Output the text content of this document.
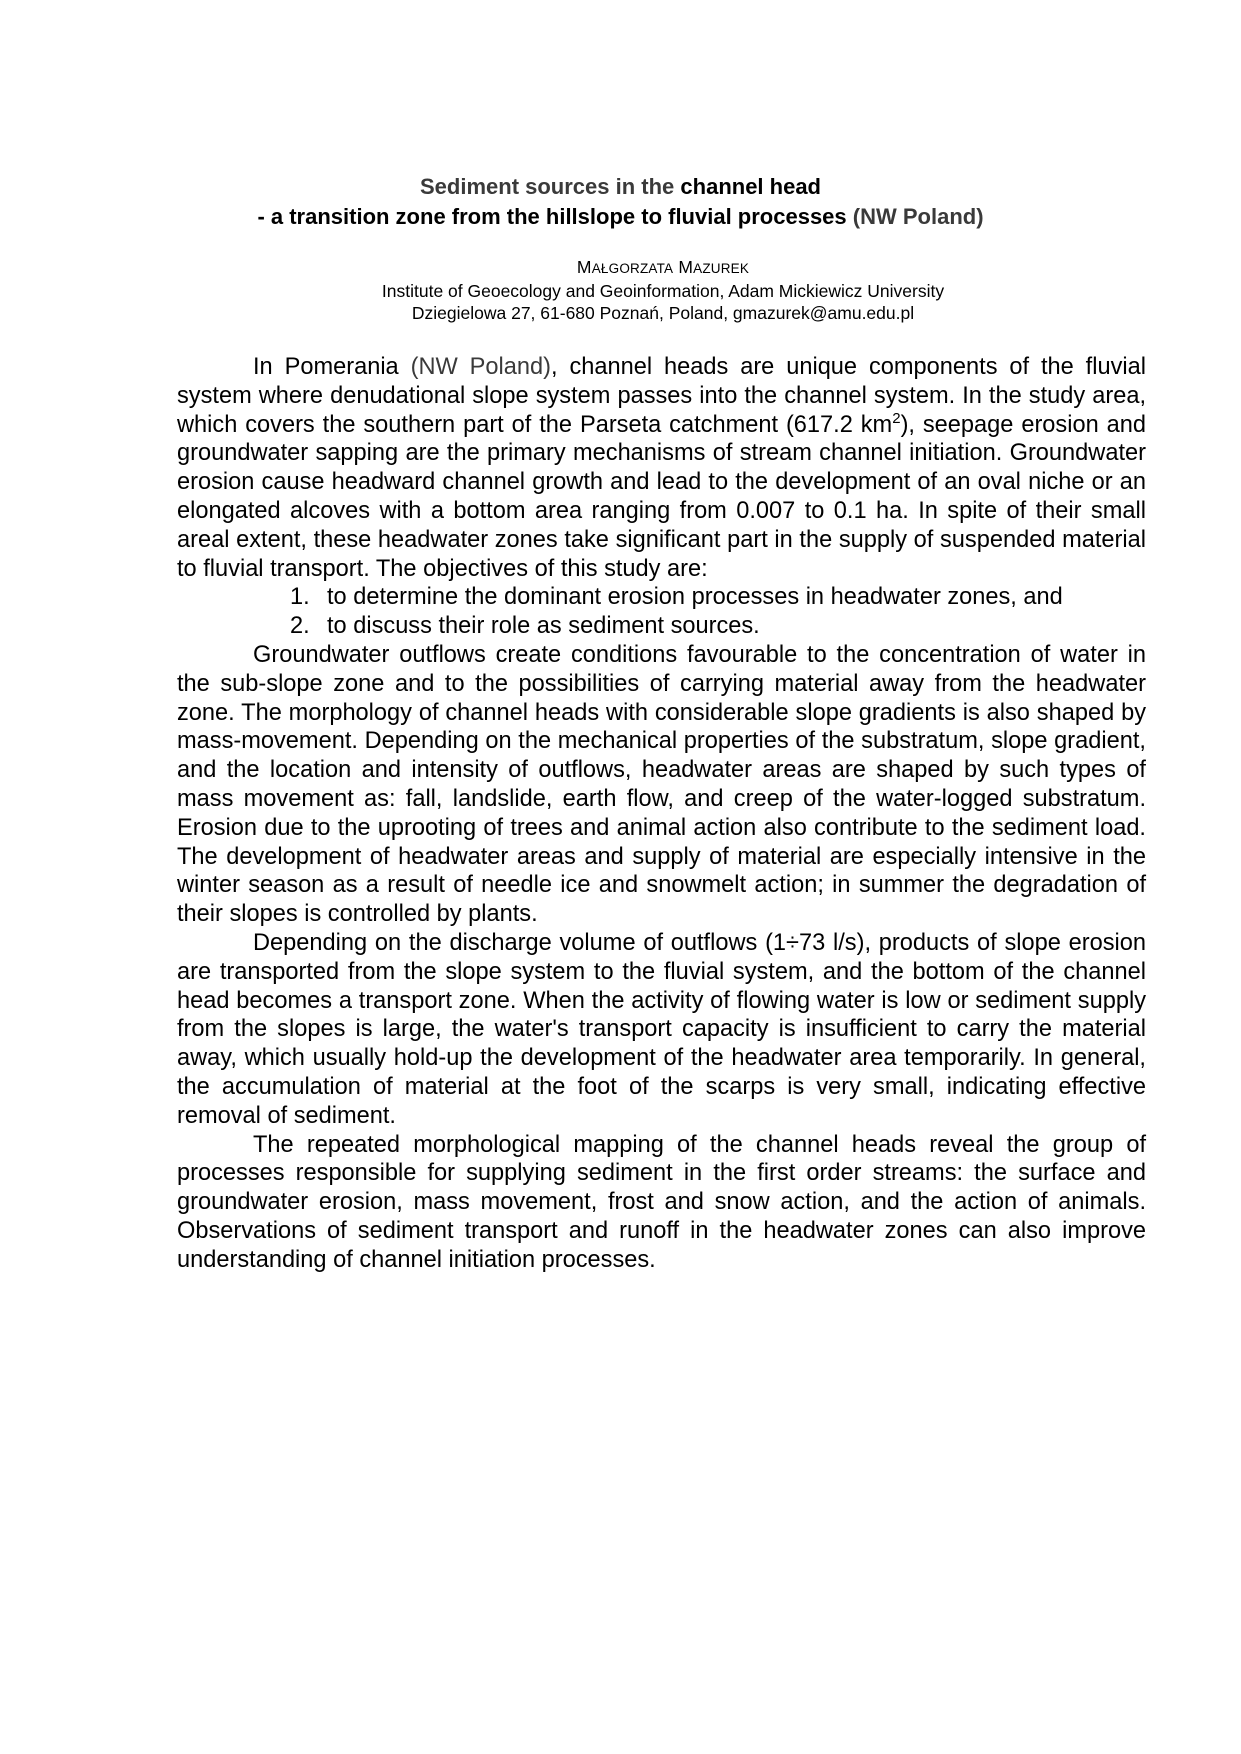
Sediment sources in the channel head
- a transition zone from the hillslope to fluvial processes (NW Poland)
MAŁGORZATA MAZUREK
Institute of Geoecology and Geoinformation, Adam Mickiewicz University
Dziegielowa 27, 61-680 Poznań, Poland, gmazurek@amu.edu.pl

In Pomerania (NW Poland), channel heads are unique components of the fluvial system where denudational slope system passes into the channel system. In the study area, which covers the southern part of the Parseta catchment (617.2 $km^2$), seepage erosion and groundwater sapping are the primary mechanisms of stream channel initiation. Groundwater erosion cause headward channel growth and lead to the development of an oval niche or an elongated alcoves with a bottom area ranging from 0.007 to 0.1 ha. In spite of their small areal extent, these headwater zones take significant part in the supply of suspended material to fluvial transport. The objectives of this study are:

1. to determine the dominant erosion processes in headwater zones, and
2. to discuss their role as sediment sources.

Groundwater outflows create conditions favourable to the concentration of water in the sub-slope zone and to the possibilities of carrying material away from the headwater zone. The morphology of channel heads with considerable slope gradients is also shaped by mass-movement. Depending on the mechanical properties of the substratum, slope gradient, and the location and intensity of outflows, headwater areas are shaped by such types of mass movement as: fall, landslide, earth flow, and creep of the water-logged substratum. Erosion due to the uprooting of trees and animal action also contribute to the sediment load. The development of headwater areas and supply of material are especially intensive in the winter season as a result of needle ice and snowmelt action; in summer the degradation of their slopes is controlled by plants.

Depending on the discharge volume of outflows (1÷73 l/s), products of slope erosion are transported from the slope system to the fluvial system, and the bottom of the channel head becomes a transport zone. When the activity of flowing water is low or sediment supply from the slopes is large, the water's transport capacity is insufficient to carry the material away, which usually hold-up the development of the headwater area temporarily. In general, the accumulation of material at the foot of the scarps is very small, indicating effective removal of sediment.

The repeated morphological mapping of the channel heads reveal the group of processes responsible for supplying sediment in the first order streams: the surface and groundwater erosion, mass movement, frost and snow action, and the action of animals. Observations of sediment transport and runoff in the headwater zones can also improve understanding of channel initiation processes.
